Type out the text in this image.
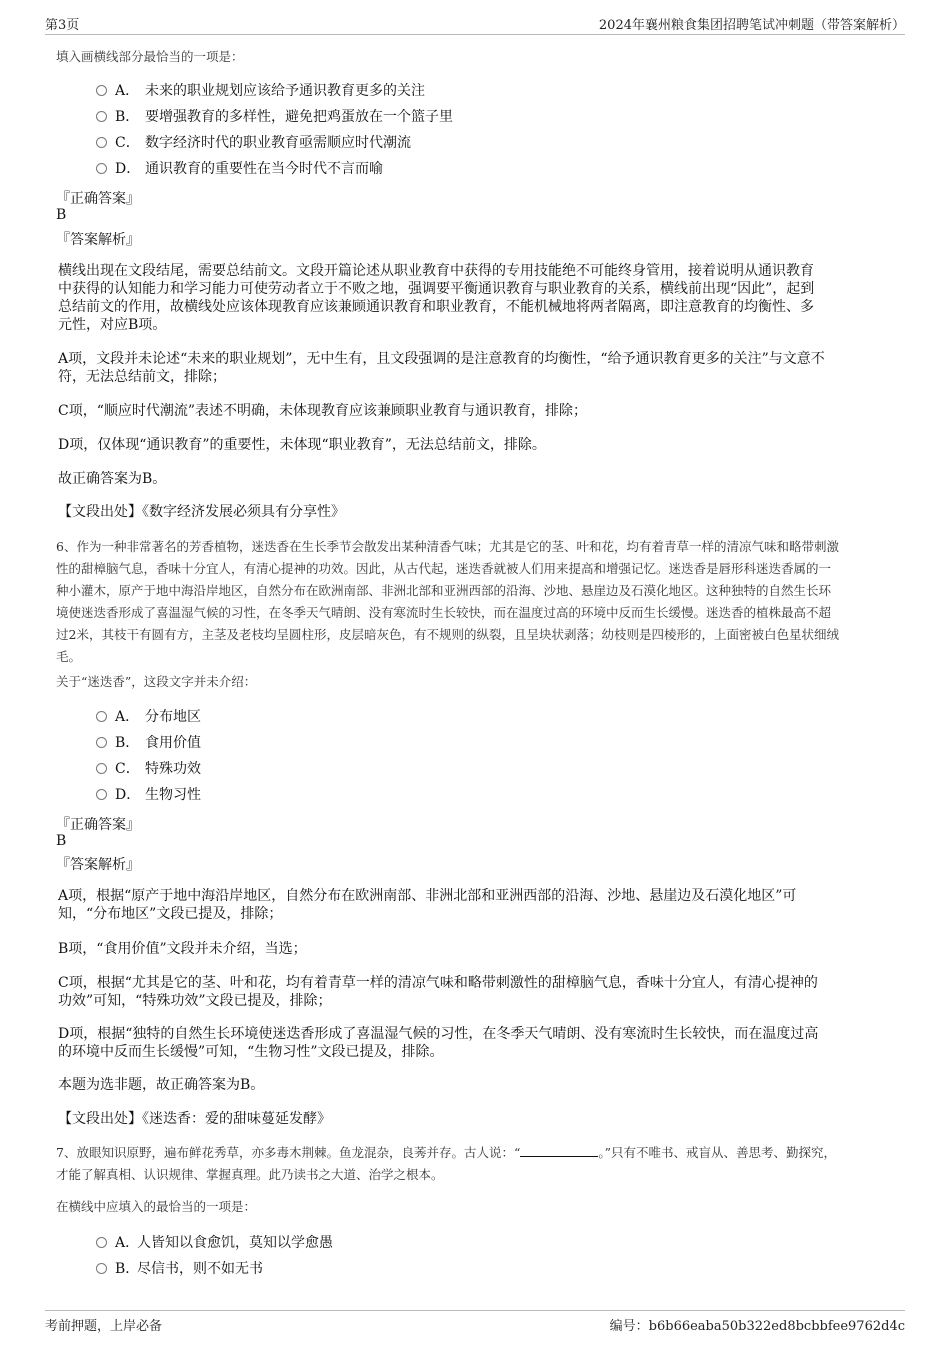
第3页	2024年襄州粮食集团招聘笔试冲刺题（带答案解析）
填入画横线部分最恰当的一项是：
A． 未来的职业规划应该给予通识教育更多的关注
B． 要增强教育的多样性，避免把鸡蛋放在一个篮子里
C． 数字经济时代的职业教育亟需顺应时代潮流
D． 通识教育的重要性在当今时代不言而喻
『正确答案』
B
『答案解析』
横线出现在文段结尾，需要总结前文。文段开篇论述从职业教育中获得的专用技能绝不可能终身管用，接着说明从通识教育
中获得的认知能力和学习能力可使劳动者立于不败之地，强调要平衡通识教育与职业教育的关系，横线前出现“因此”，起到
总结前文的作用，故横线处应该体现教育应该兼顾通识教育和职业教育，不能机械地将两者隔离，即注意教育的均衡性、多
元性，对应B项。
A项，文段并未论述“未来的职业规划”，无中生有，且文段强调的是注意教育的均衡性，“给予通识教育更多的关注”与文意不
符，无法总结前文，排除；
C项，“顺应时代潮流”表述不明确，未体现教育应该兼顾职业教育与通识教育，排除；
D项，仅体现“通识教育”的重要性，未体现“职业教育”，无法总结前文，排除。
故正确答案为B。
【文段出处】《数字经济发展必须具有分享性》
6、作为一种非常著名的芳香植物，迷迭香在生长季节会散发出某种清香气味；尤其是它的茎、叶和花，均有着青草一样的清凉气味和略带刺激
性的甜樟脑气息，香味十分宜人，有清心提神的功效。因此，从古代起，迷迭香就被人们用来提高和增强记忆。迷迭香是唇形科迷迭香属的一
种小灌木，原产于地中海沿岸地区，自然分布在欧洲南部、非洲北部和亚洲西部的沿海、沙地、悬崖边及石漠化地区。这种独特的自然生长环
境使迷迭香形成了喜温湿气候的习性，在冬季天气晴朗、没有寒流时生长较快，而在温度过高的环境中反而生长缓慢。迷迭香的植株最高不超
过2米，其枝干有圆有方，主茎及老枝均呈圆柱形，皮层暗灰色，有不规则的纵裂，且呈块状剥落；幼枝则是四棱形的，上面密被白色星状细绒
毛。
关于“迷迭香”，这段文字并未介绍：
A． 分布地区
B． 食用价值
C． 特殊功效
D． 生物习性
『正确答案』
B
『答案解析』
A项，根据“原产于地中海沿岸地区，自然分布在欧洲南部、非洲北部和亚洲西部的沿海、沙地、悬崖边及石漠化地区”可
知，“分布地区”文段已提及，排除；
B项，“食用价值”文段并未介绍，当选；
C项，根据“尤其是它的茎、叶和花，均有着青草一样的清凉气味和略带刺激性的甜樟脑气息，香味十分宜人，有清心提神的
功效”可知，“特殊功效”文段已提及，排除；
D项，根据“独特的自然生长环境使迷迭香形成了喜温湿气候的习性，在冬季天气晴朗、没有寒流时生长较快，而在温度过高
的环境中反而生长缓慢”可知，“生物习性”文段已提及，排除。
本题为选非题，故正确答案为B。
【文段出处】《迷迭香：爱的甜味蔓延发酵》
7、放眼知识原野，遍布鲜花秀草，亦多毒木荆棘。鱼龙混杂，良莠并存。古人说：“	。”只有不唯书、戒盲从、善思考、勤探究，
才能了解真相、认识规律、掌握真理。此乃读书之大道、治学之根本。
在横线中应填入的最恰当的一项是：
A．人皆知以食愈饥，莫知以学愈愚
B．尽信书，则不如无书
考前押题，上岸必备	编号：b6b66eaba50b322ed8bcbbfee9762d4c
